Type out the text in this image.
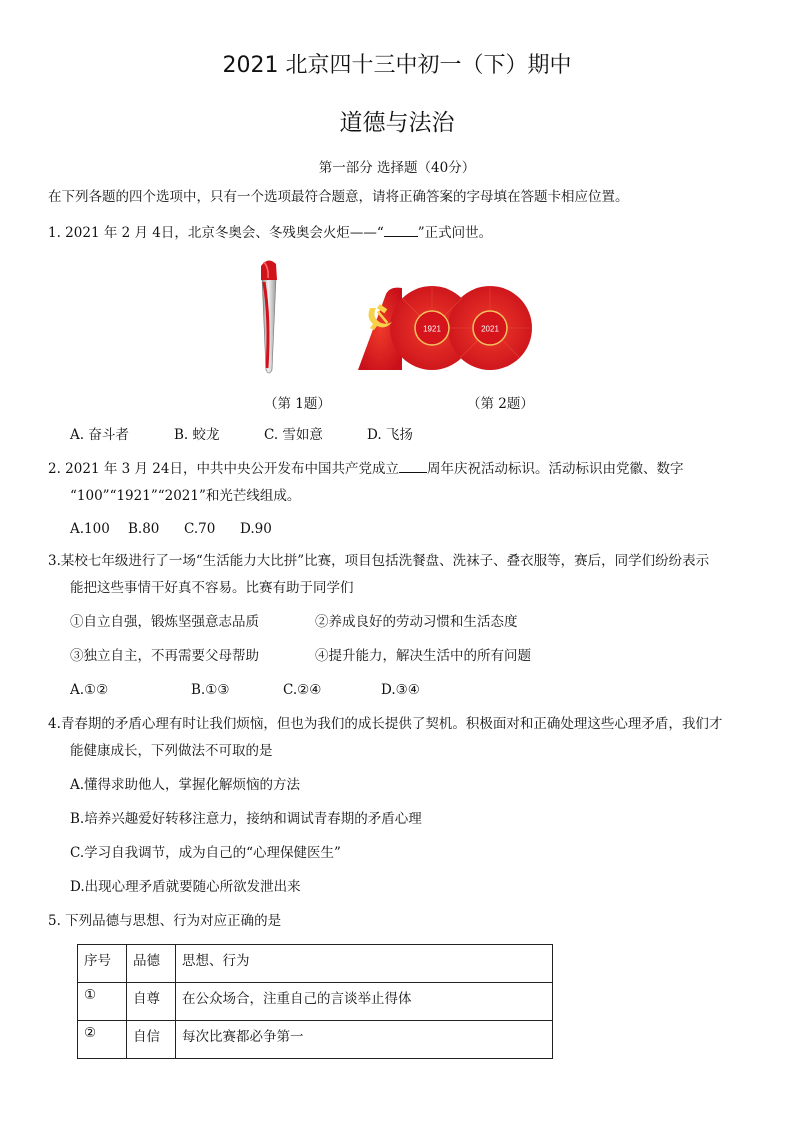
2021 北京四十三中初一（下）期中
道德与法治
第一部分 选择题（40分）
在下列各题的四个选项中，只有一个选项最符合题意，请将正确答案的字母填在答题卡相应位置。
1. 2021 年 2 月 4日，北京冬奥会、冬残奥会火炬——“	”正式问世。
1921	2021
（第 1题）	（第 2题）
A. 奋斗者	B. 蛟龙	C. 雪如意	D. 飞扬
2. 2021 年 3 月 24日，中共中央公开发布中国共产党成立 周年庆祝活动标识。活动标识由党徽、数字
“100”“1921”“2021”和光芒线组成。
A.100 B.80 C.70 D.90
3.某校七年级进行了一场“生活能力大比拼”比赛，项目包括洗餐盘、洗袜子、叠衣服等，赛后，同学们纷纷表示
能把这些事情干好真不容易。比赛有助于同学们
①自立自强，锻炼坚强意志品质	②养成良好的劳动习惯和生活态度
③独立自主，不再需要父母帮助	④提升能力，解决生活中的所有问题
A.①②	B.①③	C.②④	D.③④
4.青春期的矛盾心理有时让我们烦恼，但也为我们的成长提供了契机。积极面对和正确处理这些心理矛盾，我们才
能健康成长，下列做法不可取的是
A.懂得求助他人，掌握化解烦恼的方法
B.培养兴趣爱好转移注意力，接纳和调试青春期的矛盾心理
C.学习自我调节，成为自己的“心理保健医生”
D.出现心理矛盾就要随心所欲发泄出来
5. 下列品德与思想、行为对应正确的是
序号	品德	思想、行为
①	自尊	在公众场合，注重自己的言谈举止得体
②	自信	每次比赛都必争第一
